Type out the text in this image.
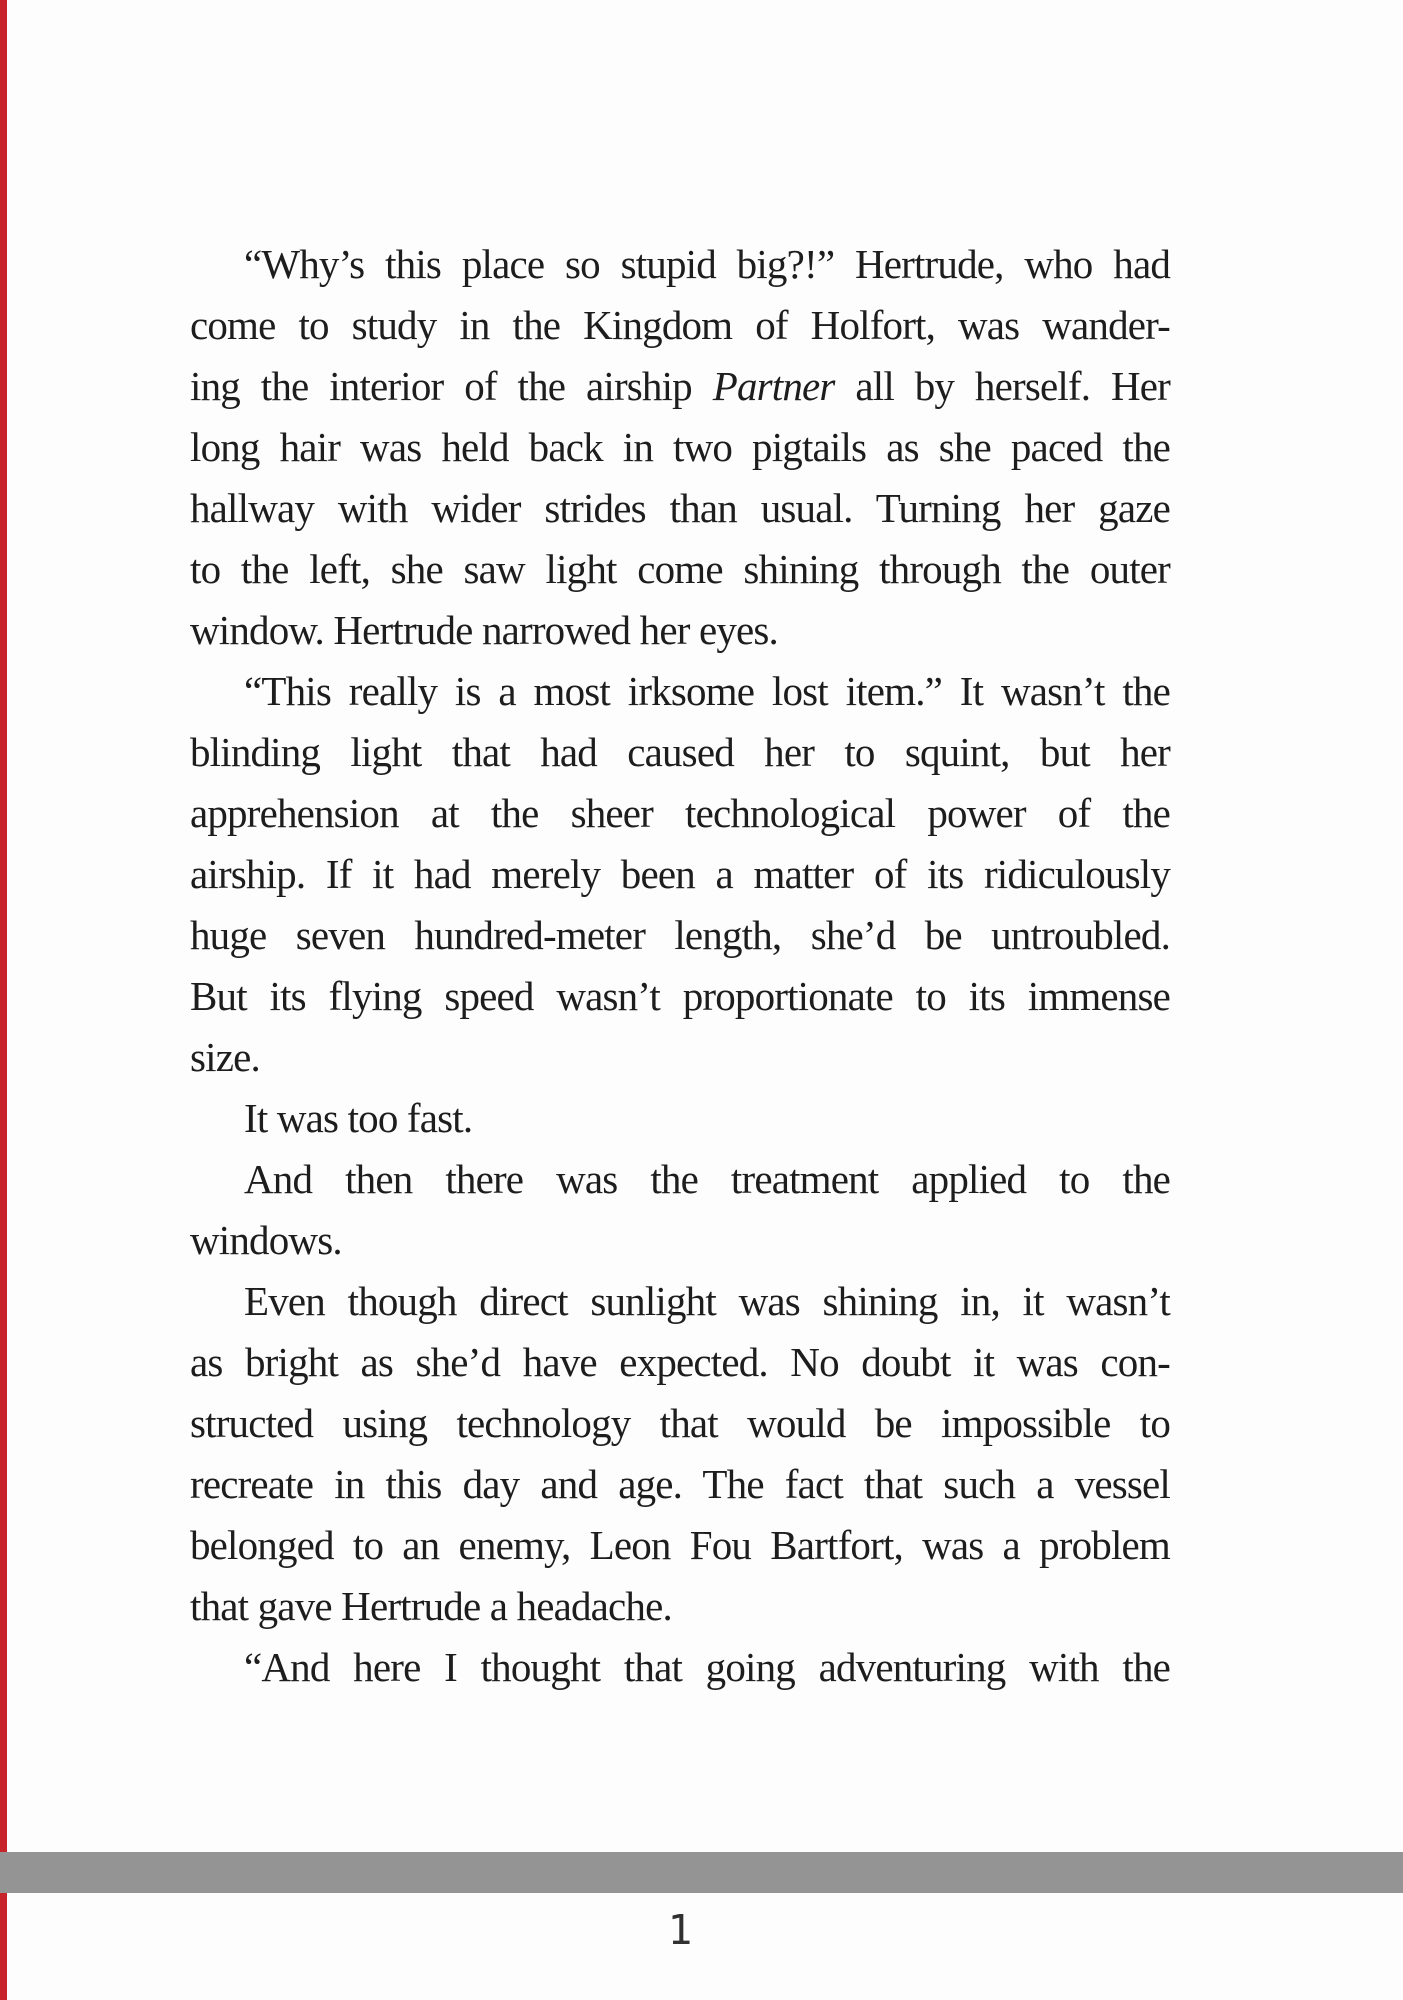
“Why’s this place so stupid big?!” Hertrude, who had
come to study in the Kingdom of Holfort, was wander-
ing the interior of the airship Partner all by herself. Her
long hair was held back in two pigtails as she paced the
hallway with wider strides than usual. Turning her gaze
to the left, she saw light come shining through the outer
window. Hertrude narrowed her eyes.
“This really is a most irksome lost item.” It wasn’t the
blinding light that had caused her to squint, but her
apprehension at the sheer technological power of the
airship. If it had merely been a matter of its ridiculously
huge seven hundred-meter length, she’d be untroubled.
But its flying speed wasn’t proportionate to its immense
size.
It was too fast.
And then there was the treatment applied to the
windows.
Even though direct sunlight was shining in, it wasn’t
as bright as she’d have expected. No doubt it was con-
structed using technology that would be impossible to
recreate in this day and age. The fact that such a vessel
belonged to an enemy, Leon Fou Bartfort, was a problem
that gave Hertrude a headache.
“And here I thought that going adventuring with the
1
